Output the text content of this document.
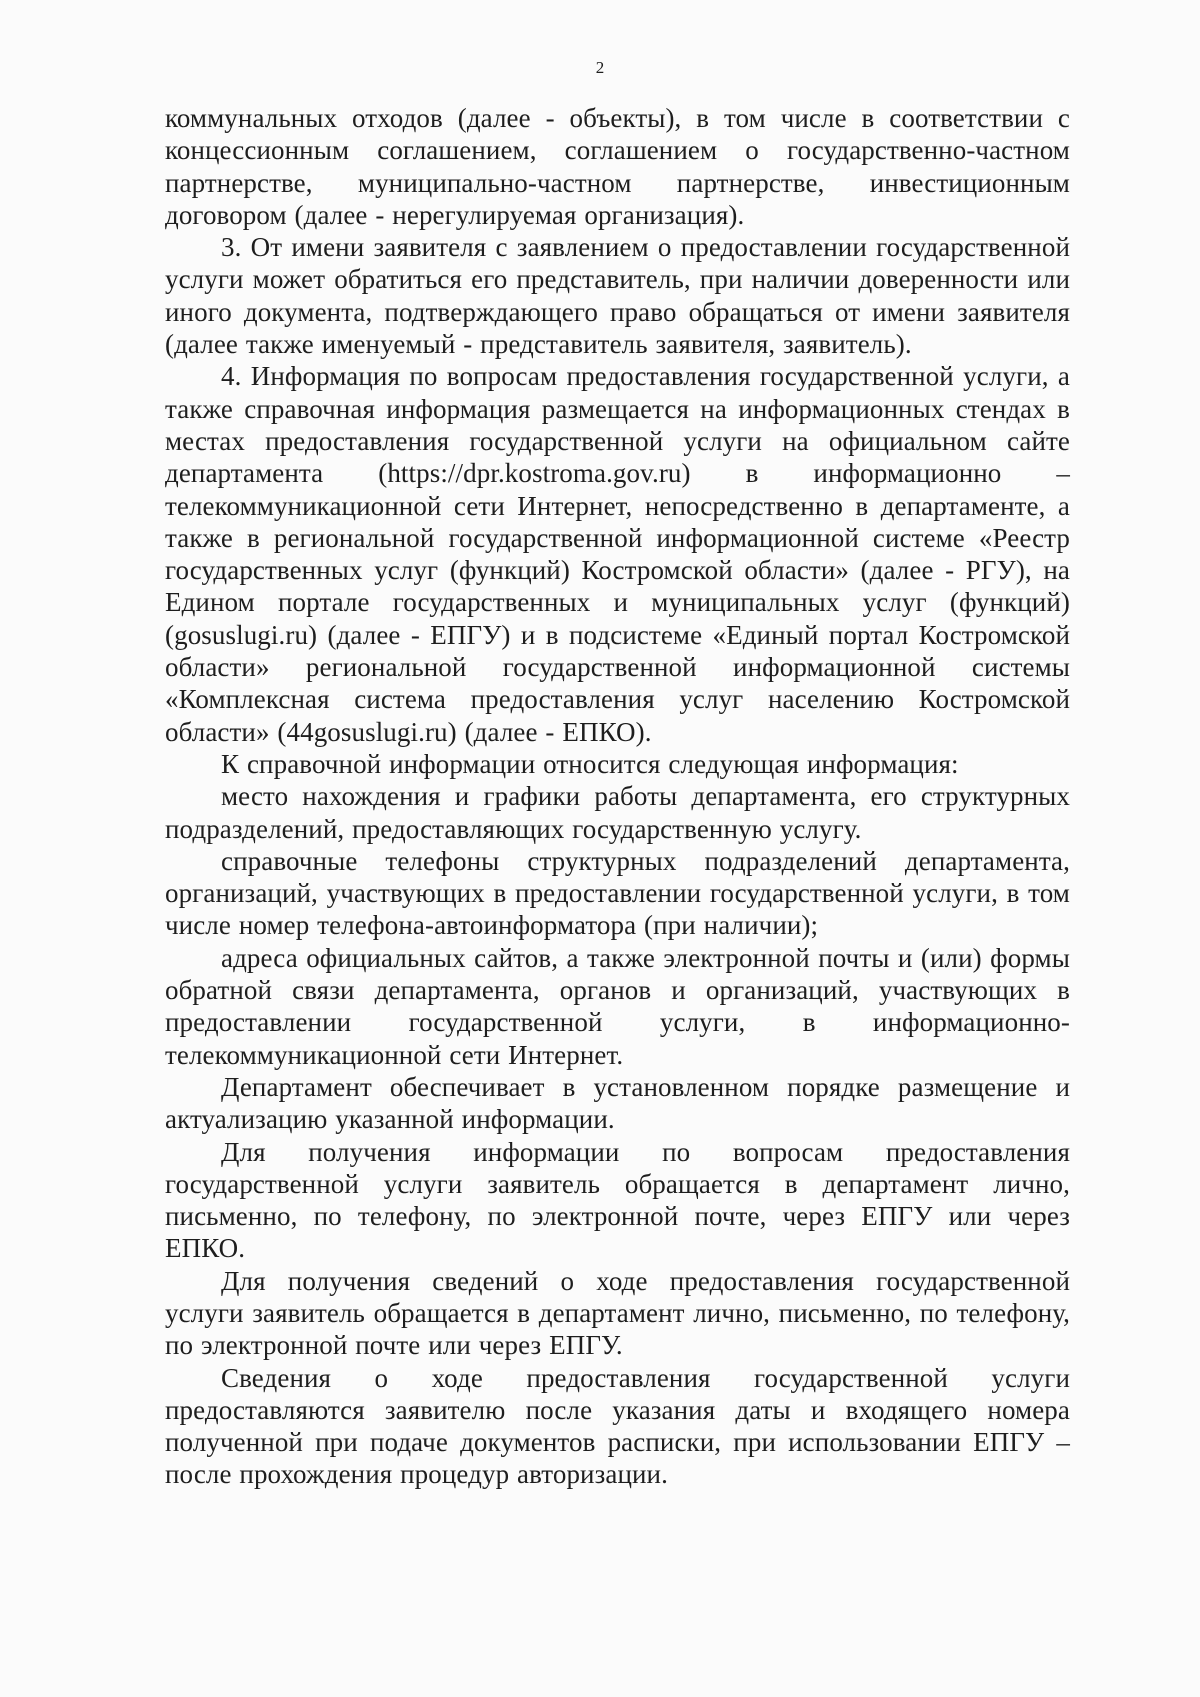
2

коммунальных отходов (далее - объекты), в том числе в соответствии с концессионным соглашением, соглашением о государственно-частном партнерстве, муниципально-частном партнерстве, инвестиционным договором (далее - нерегулируемая организация).

3. От имени заявителя с заявлением о предоставлении государственной услуги может обратиться его представитель, при наличии доверенности или иного документа, подтверждающего право обращаться от имени заявителя (далее также именуемый - представитель заявителя, заявитель).

4. Информация по вопросам предоставления государственной услуги, а также справочная информация размещается на информационных стендах в местах предоставления государственной услуги на официальном сайте департамента (https://dpr.kostroma.gov.ru) в информационно – телекоммуникационной сети Интернет, непосредственно в департаменте, а также в региональной государственной информационной системе «Реестр государственных услуг (функций) Костромской области» (далее - РГУ), на Едином портале государственных и муниципальных услуг (функций) (gosuslugi.ru) (далее - ЕПГУ) и в подсистеме «Единый портал Костромской области» региональной государственной информационной системы «Комплексная система предоставления услуг населению Костромской области» (44gosuslugi.ru) (далее - ЕПКО).

К справочной информации относится следующая информация:

место нахождения и графики работы департамента, его структурных подразделений, предоставляющих государственную услугу.

справочные телефоны структурных подразделений департамента, организаций, участвующих в предоставлении государственной услуги, в том числе номер телефона-автоинформатора (при наличии);

адреса официальных сайтов, а также электронной почты и (или) формы обратной связи департамента, органов и организаций, участвующих в предоставлении государственной услуги, в информационно-телекоммуникационной сети Интернет.

Департамент обеспечивает в установленном порядке размещение и актуализацию указанной информации.

Для получения информации по вопросам предоставления государственной услуги заявитель обращается в департамент лично, письменно, по телефону, по электронной почте, через ЕПГУ или через ЕПКО.

Для получения сведений о ходе предоставления государственной услуги заявитель обращается в департамент лично, письменно, по телефону, по электронной почте или через ЕПГУ.

Сведения о ходе предоставления государственной услуги предоставляются заявителю после указания даты и входящего номера полученной при подаче документов расписки, при использовании ЕПГУ – после прохождения процедур авторизации.
